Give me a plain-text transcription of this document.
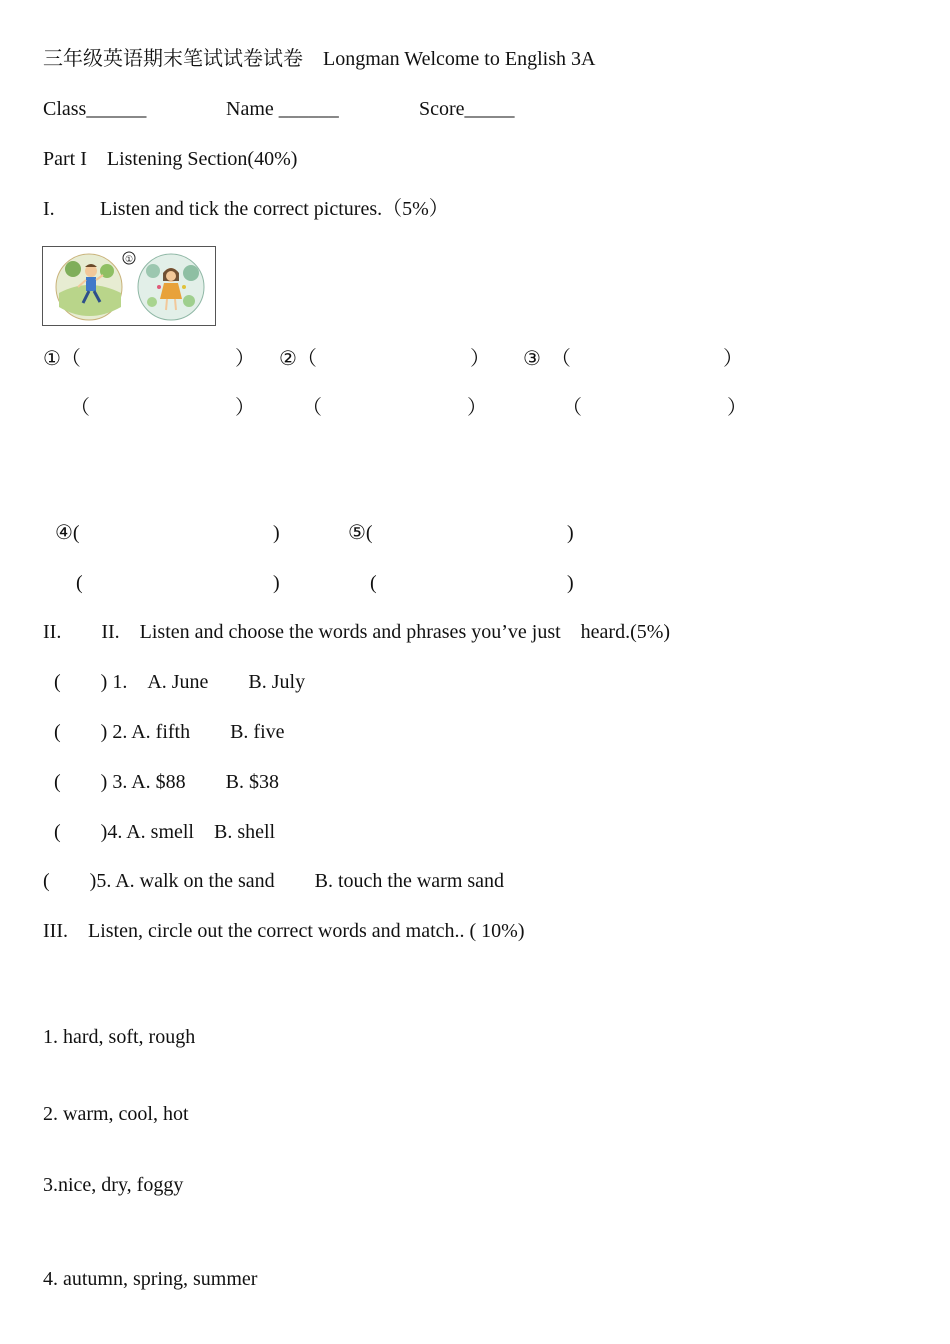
三年级英语期末笔试试卷试卷　Longman Welcome to English 3A
Class______	Name ______	Score_____
Part I　Listening Section(40%)
I. Listen and tick the correct pictures.（5%）
①
①（	） ②（	） ③　（	）
（	） （	）	（	）
④(	)	⑤(	)
(	)	(	)
II.　　II.　Listen and choose the words and phrases you’ve just　heard.(5%)
(　　) 1.　A. June　　B. July
(　　) 2. A. fifth　　B. five
(　　) 3. A. $88　　B. $38
(　　)4. A. smell　B. shell
(　　)5. A. walk on the sand　　B. touch the warm sand
III.　Listen, circle out the correct words and match.. ( 10%)
1. hard, soft, rough
2. warm, cool, hot
3.nice, dry, foggy
4. autumn, spring, summer
